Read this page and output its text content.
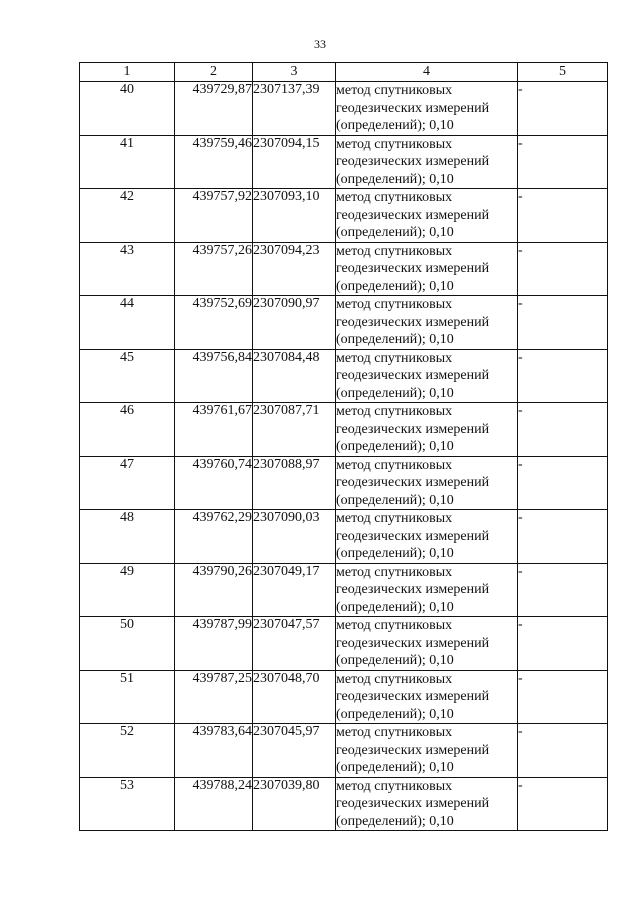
33
1	2	3	4	5
40	439729,87	2307137,39	метод спутниковых
геодезических измерений
(определений); 0,10	-
41	439759,46	2307094,15	метод спутниковых
геодезических измерений
(определений); 0,10	-
42	439757,92	2307093,10	метод спутниковых
геодезических измерений
(определений); 0,10	-
43	439757,26	2307094,23	метод спутниковых
геодезических измерений
(определений); 0,10	-
44	439752,69	2307090,97	метод спутниковых
геодезических измерений
(определений); 0,10	-
45	439756,84	2307084,48	метод спутниковых
геодезических измерений
(определений); 0,10	-
46	439761,67	2307087,71	метод спутниковых
геодезических измерений
(определений); 0,10	-
47	439760,74	2307088,97	метод спутниковых
геодезических измерений
(определений); 0,10	-
48	439762,29	2307090,03	метод спутниковых
геодезических измерений
(определений); 0,10	-
49	439790,26	2307049,17	метод спутниковых
геодезических измерений
(определений); 0,10	-
50	439787,99	2307047,57	метод спутниковых
геодезических измерений
(определений); 0,10	-
51	439787,25	2307048,70	метод спутниковых
геодезических измерений
(определений); 0,10	-
52	439783,64	2307045,97	метод спутниковых
геодезических измерений
(определений); 0,10	-
53	439788,24	2307039,80	метод спутниковых
геодезических измерений
(определений); 0,10	-
